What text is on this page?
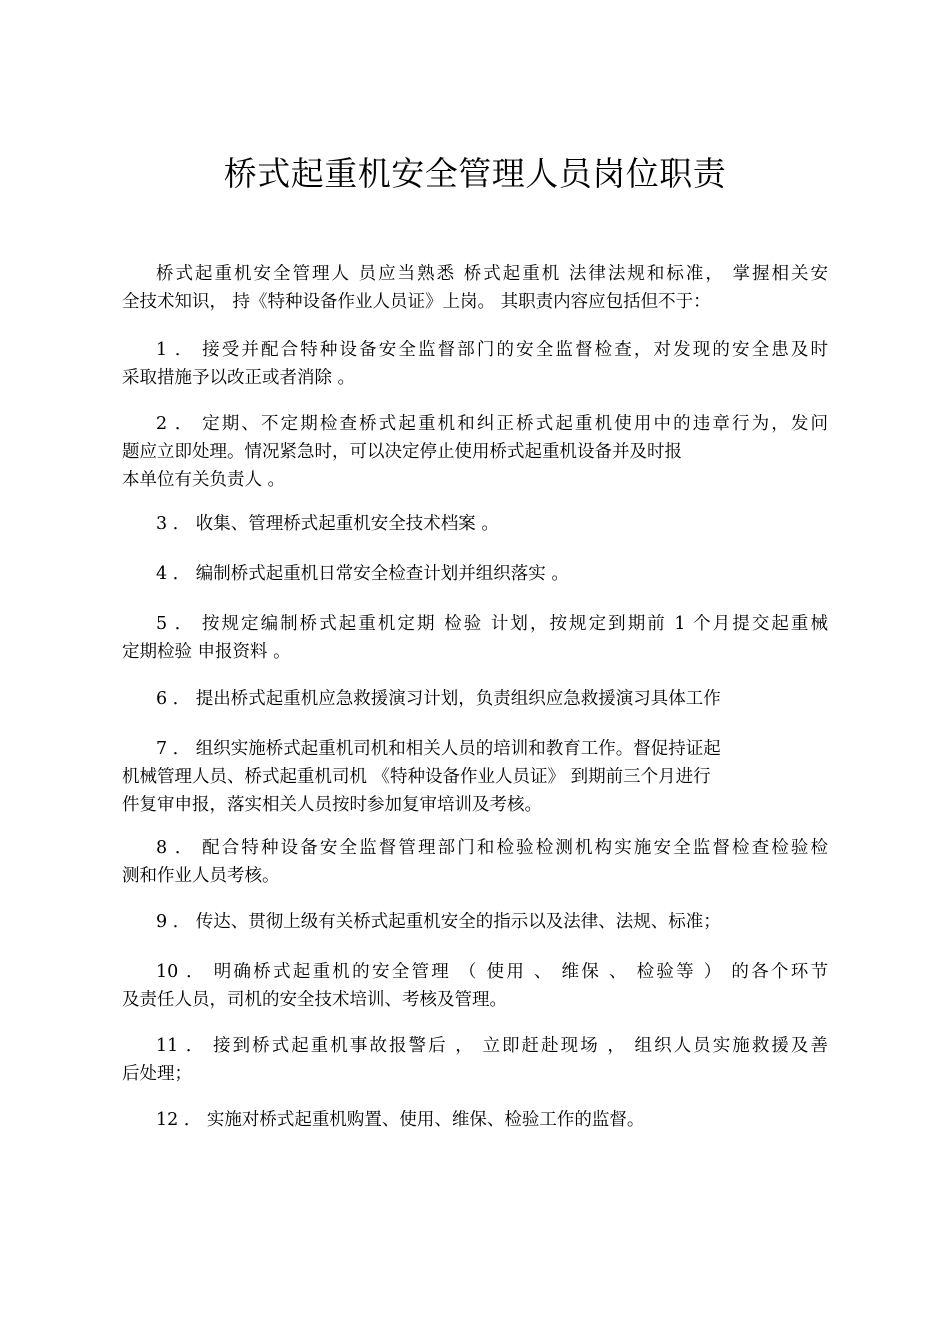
桥式起重机安全管理人员岗位职责
桥式起重机安全管理人 员应当熟悉 桥式起重机 法律法规和标准， 掌握相关安
全技术知识， 持《特种设备作业人员证》上岗。 其职责内容应包括但不于：
1 ． 接受并配合特种设备安全监督部门的安全监督检查，对发现的安全患及时
采取措施予以改正或者消除 。
2 ． 定期、不定期检查桥式起重机和纠正桥式起重机使用中的违章行为，发问
题应立即处理。情况紧急时，可以决定停止使用桥式起重机设备并及时报
本单位有关负责人 。
3 ． 收集、管理桥式起重机安全技术档案 。
4 ． 编制桥式起重机日常安全检查计划并组织落实 。
5 ． 按规定编制桥式起重机定期 检验 计划，按规定到期前 1 个月提交起重械
定期检验 申报资料 。
6 ． 提出桥式起重机应急救援演习计划，负责组织应急救援演习具体工作
7 ． 组织实施桥式起重机司机和相关人员的培训和教育工作。督促持证起
机械管理人员、桥式起重机司机 《特种设备作业人员证》 到期前三个月进行
件复审申报，落实相关人员按时参加复审培训及考核。
8 ． 配合特种设备安全监督管理部门和检验检测机构实施安全监督检查检验检
测和作业人员考核。
9 ． 传达、贯彻上级有关桥式起重机安全的指示以及法律、法规、标准；
10 ． 明确桥式起重机的安全管理 （ 使用 、 维保 、 检验等 ） 的各个环节
及责任人员，司机的安全技术培训、考核及管理。
11 ． 接到桥式起重机事故报警后 ， 立即赶赴现场 ， 组织人员实施救援及善
后处理；
12 ． 实施对桥式起重机购置、使用、维保、检验工作的监督。
